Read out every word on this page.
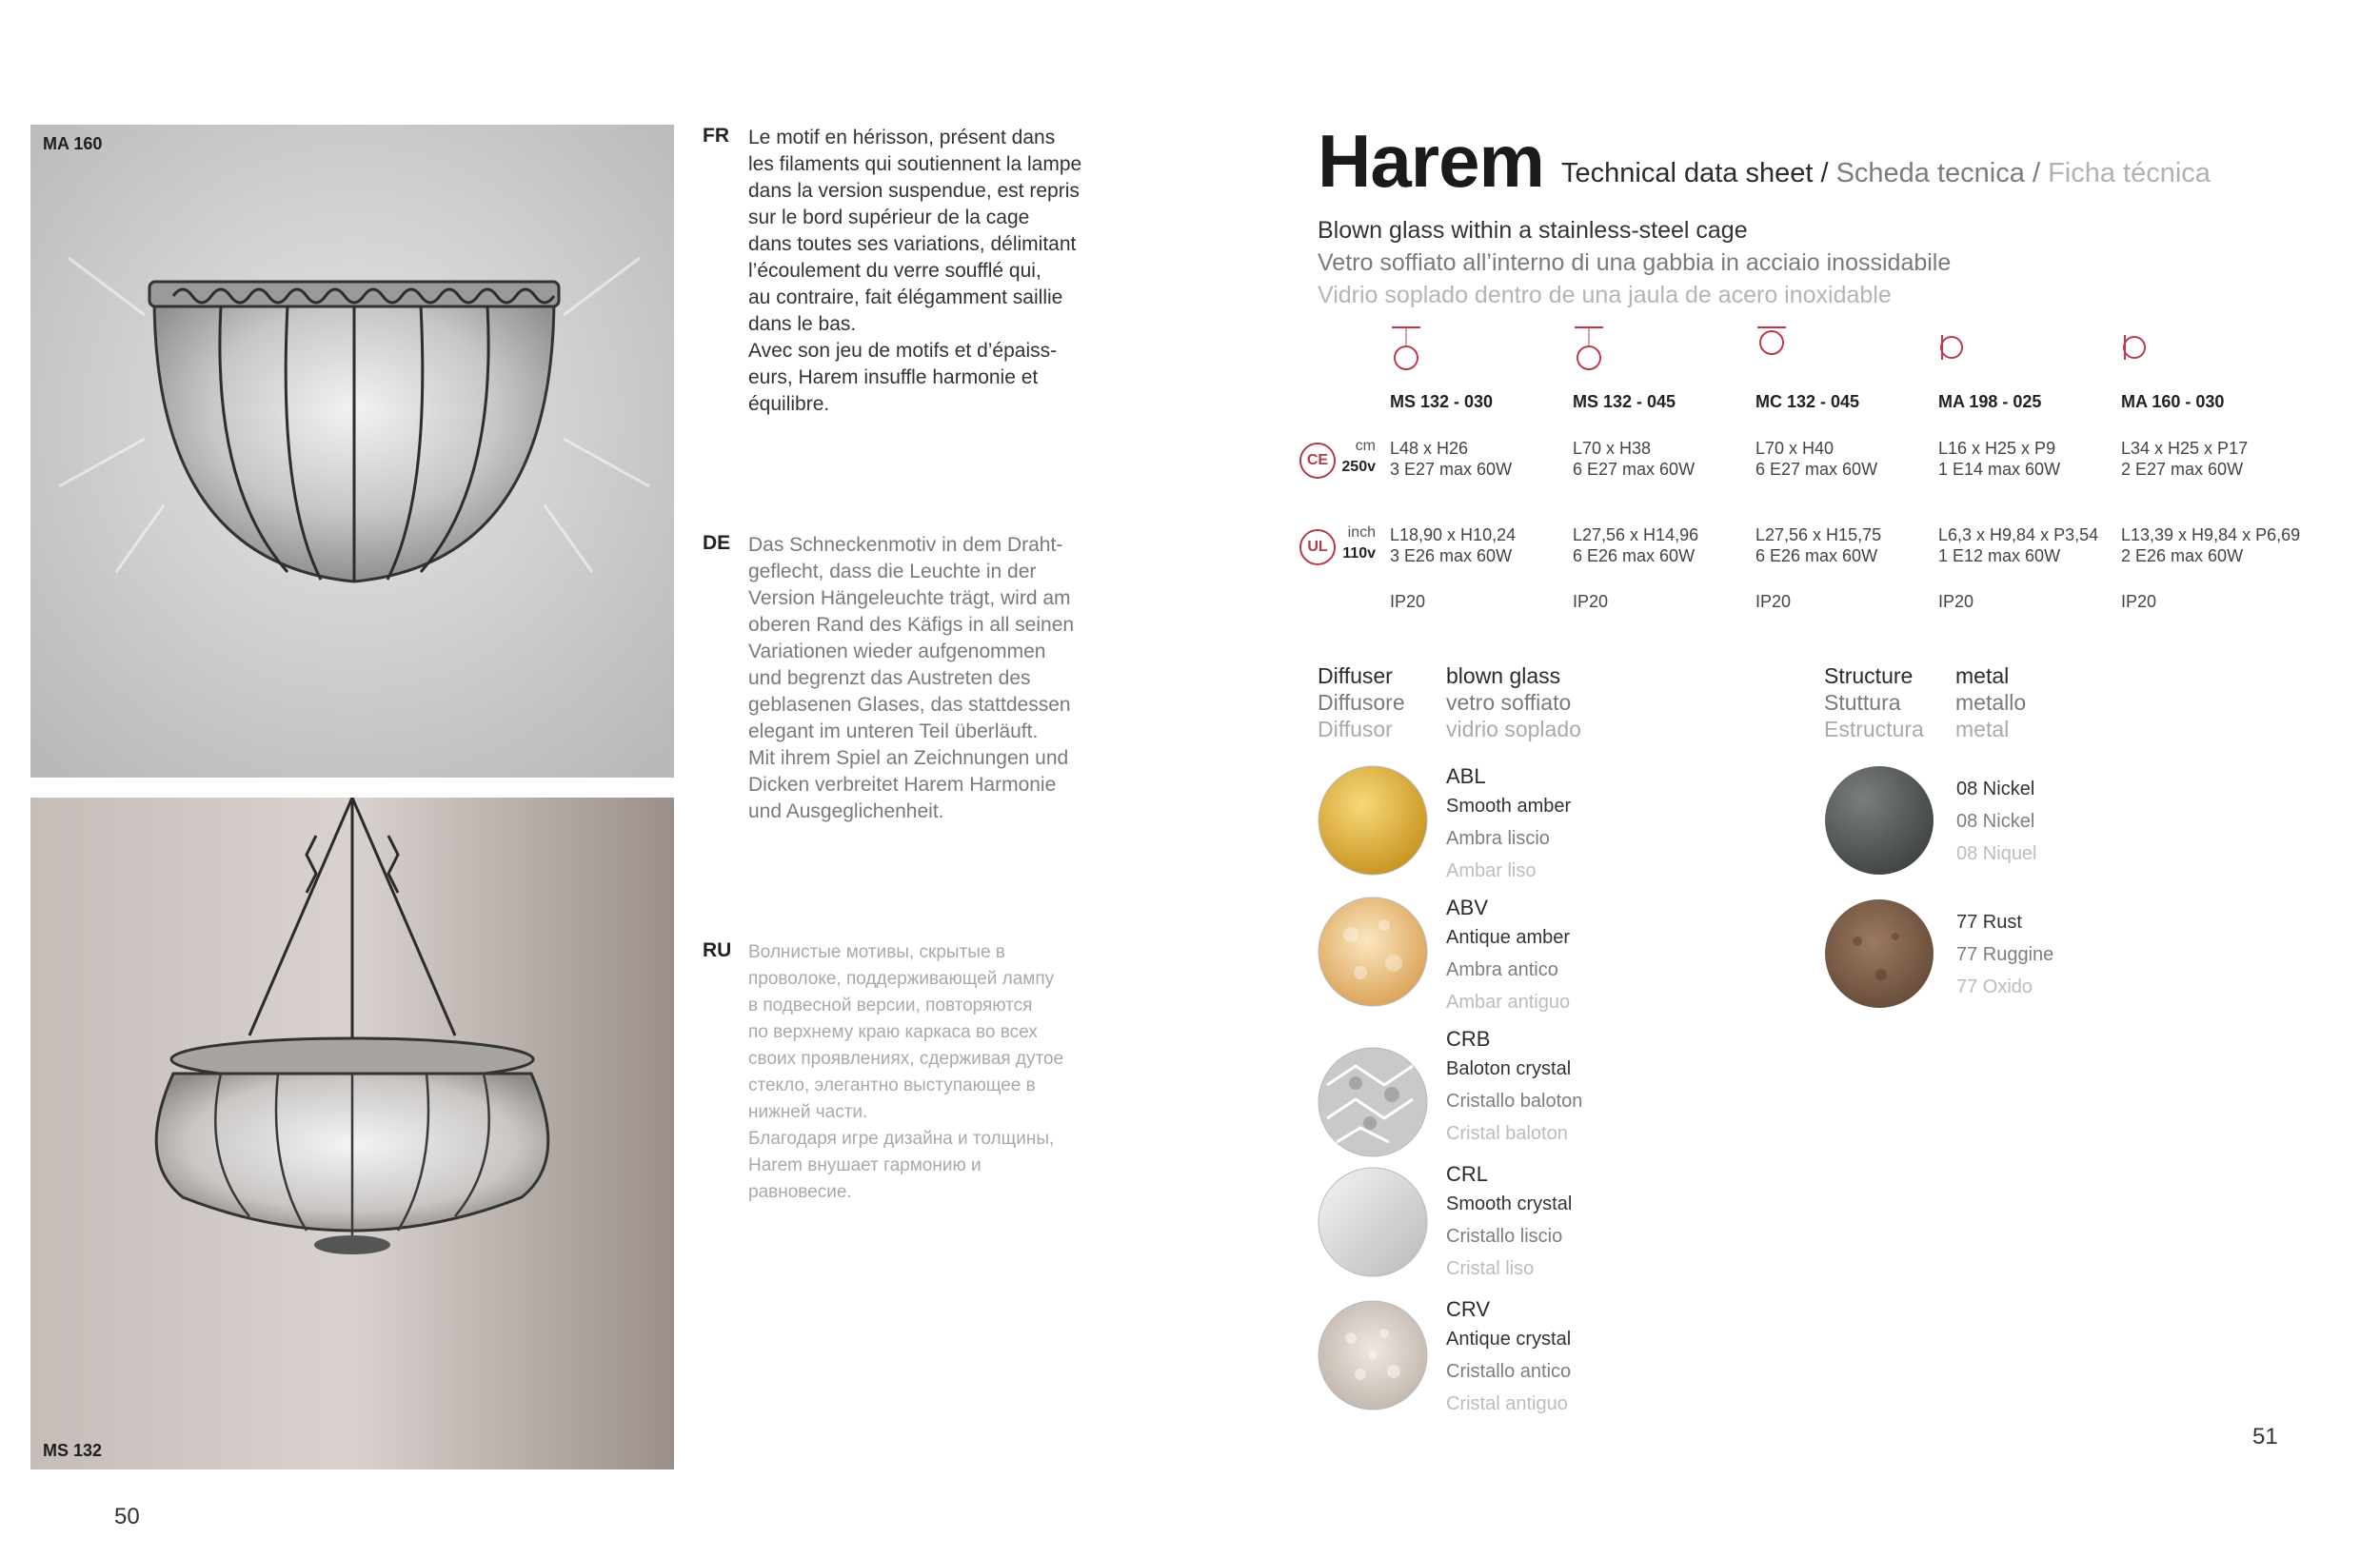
MA 160
MS 132
FR Le motif en hérisson, présent dans
les filaments qui soutiennent la lampe
dans la version suspendue, est repris
sur le bord supérieur de la cage
dans toutes ses variations, délimitant
l’écoulement du verre soufflé qui,
au contraire, fait élégamment saillie
dans le bas.
Avec son jeu de motifs et d’épaiss-
eurs, Harem insuffle harmonie et
équilibre.
DE Das Schneckenmotiv in dem Draht-
geflecht, dass die Leuchte in der
Version Hängeleuchte trägt, wird am
oberen Rand des Käfigs in all seinen
Variationen wieder aufgenommen
und begrenzt das Austreten des
geblasenen Glases, das stattdessen
elegant im unteren Teil überläuft.
Mit ihrem Spiel an Zeichnungen und
Dicken verbreitet Harem Harmonie
und Ausgeglichenheit.
RU Волнистые мотивы, скрытые в
проволоке, поддерживающей лампу
в подвесной версии, повторяются
по верхнему краю каркаса во всех
своих проявлениях, сдерживая дутое
стекло, элегантно выступающее в
нижней части.
Благодаря игре дизайна и толщины,
Harem внушает гармонию и
равновесие.
50
Harem Technical data sheet / Scheda tecnica / Ficha técnica
Blown glass within a stainless-steel cage
Vetro soffiato all’interno di una gabbia in acciaio inossidabile
Vidrio soplado dentro de una jaula de acero inoxidable
CE
cm
250v
UL
inch
110v
MS 132 - 030
L48 x H26
3 E27 max 60W
L18,90 x H10,24
3 E26 max 60W
IP20
MS 132 - 045
L70 x H38
6 E27 max 60W
L27,56 x H14,96
6 E26 max 60W
IP20
MC 132 - 045
L70 x H40
6 E27 max 60W
L27,56 x H15,75
6 E26 max 60W
IP20
MA 198 - 025
L16 x H25 x P9
1 E14 max 60W
L6,3 x H9,84 x P3,54
1 E12 max 60W
IP20
MA 160 - 030
L34 x H25 x P17
2 E27 max 60W
L13,39 x H9,84 x P6,69
2 E26 max 60W
IP20
Diffuser
Diffusore
Diffusor
blown glass
vetro soffiato
vidrio soplado
ABL
Smooth amber
Ambra liscio
Ambar liso
ABV
Antique amber
Ambra antico
Ambar antiguo
CRB
Baloton crystal
Cristallo baloton
Cristal baloton
CRL
Smooth crystal
Cristallo liscio
Cristal liso
CRV
Antique crystal
Cristallo antico
Cristal antiguo
Structure
Stuttura
Estructura
metal
metallo
metal
08 Nickel
08 Nickel
08 Niquel
77 Rust
77 Ruggine
77 Oxido
51
